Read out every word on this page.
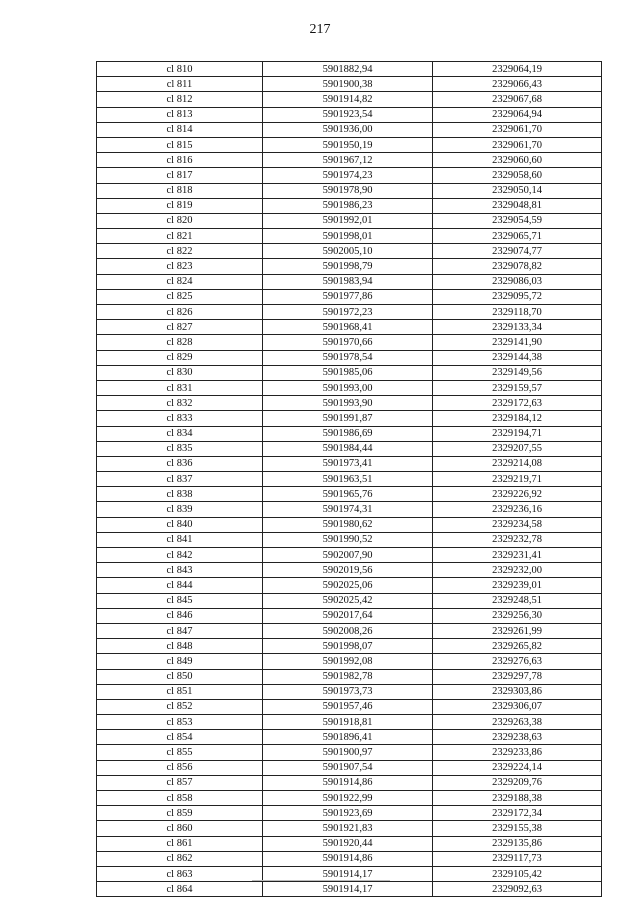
217
cl 810	5901882,94	2329064,19
cl 811	5901900,38	2329066,43
cl 812	5901914,82	2329067,68
cl 813	5901923,54	2329064,94
cl 814	5901936,00	2329061,70
cl 815	5901950,19	2329061,70
cl 816	5901967,12	2329060,60
cl 817	5901974,23	2329058,60
cl 818	5901978,90	2329050,14
cl 819	5901986,23	2329048,81
cl 820	5901992,01	2329054,59
cl 821	5901998,01	2329065,71
cl 822	5902005,10	2329074,77
cl 823	5901998,79	2329078,82
cl 824	5901983,94	2329086,03
cl 825	5901977,86	2329095,72
cl 826	5901972,23	2329118,70
cl 827	5901968,41	2329133,34
cl 828	5901970,66	2329141,90
cl 829	5901978,54	2329144,38
cl 830	5901985,06	2329149,56
cl 831	5901993,00	2329159,57
cl 832	5901993,90	2329172,63
cl 833	5901991,87	2329184,12
cl 834	5901986,69	2329194,71
cl 835	5901984,44	2329207,55
cl 836	5901973,41	2329214,08
cl 837	5901963,51	2329219,71
cl 838	5901965,76	2329226,92
cl 839	5901974,31	2329236,16
cl 840	5901980,62	2329234,58
cl 841	5901990,52	2329232,78
cl 842	5902007,90	2329231,41
cl 843	5902019,56	2329232,00
cl 844	5902025,06	2329239,01
cl 845	5902025,42	2329248,51
cl 846	5902017,64	2329256,30
cl 847	5902008,26	2329261,99
cl 848	5901998,07	2329265,82
cl 849	5901992,08	2329276,63
cl 850	5901982,78	2329297,78
cl 851	5901973,73	2329303,86
cl 852	5901957,46	2329306,07
cl 853	5901918,81	2329263,38
cl 854	5901896,41	2329238,63
cl 855	5901900,97	2329233,86
cl 856	5901907,54	2329224,14
cl 857	5901914,86	2329209,76
cl 858	5901922,99	2329188,38
cl 859	5901923,69	2329172,34
cl 860	5901921,83	2329155,38
cl 861	5901920,44	2329135,86
cl 862	5901914,86	2329117,73
cl 863	5901914,17	2329105,42
cl 864	5901914,17	2329092,63
